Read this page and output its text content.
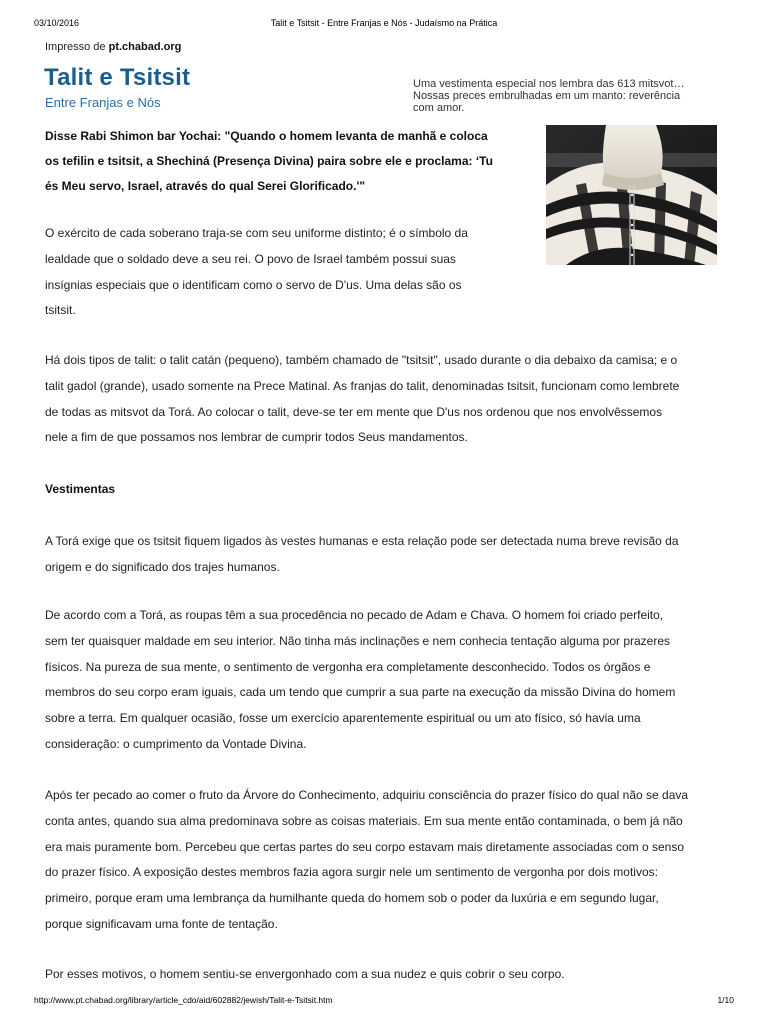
03/10/2016	Talit e Tsitsit - Entre Franjas e Nós - Judaísmo na Prática
Impresso de pt.chabad.org
Talit e Tsitsit
Entre Franjas e Nós
Uma vestimenta especial nos lembra das 613 mitsvot…
Nossas preces embrulhadas em um manto: reverência
com amor.
Disse Rabi Shimon bar Yochai: "Quando o homem levanta de manhã e coloca
os tefilin e tsitsit, a Shechiná (Presença Divina) paira sobre ele e proclama: ‘Tu
és Meu servo, Israel, através do qual Serei Glorificado.'"
O exército de cada soberano traja-se com seu uniforme distinto; é o símbolo da
lealdade que o soldado deve a seu rei. O povo de Israel também possui suas
insígnias especiais que o identificam como o servo de D'us. Uma delas são os
tsitsit.
Há dois tipos de talit: o talit catán (pequeno), também chamado de "tsitsit", usado durante o dia debaixo da camisa; e o
talit gadol (grande), usado somente na Prece Matinal. As franjas do talit, denominadas tsitsit, funcionam como lembrete
de todas as mitsvot da Torá. Ao colocar o talit, deve-se ter em mente que D'us nos ordenou que nos envolvêssemos
nele a fim de que possamos nos lembrar de cumprir todos Seus mandamentos.
Vestimentas
A Torá exige que os tsitsit fiquem ligados às vestes humanas e esta relação pode ser detectada numa breve revisão da
origem e do significado dos trajes humanos.
De acordo com a Torá, as roupas têm a sua procedência no pecado de Adam e Chava. O homem foi criado perfeito,
sem ter quaisquer maldade em seu interior. Não tinha más inclinações e nem conhecia tentação alguma por prazeres
físicos. Na pureza de sua mente, o sentimento de vergonha era completamente desconhecido. Todos os órgãos e
membros do seu corpo eram iguais, cada um tendo que cumprir a sua parte na execução da missão Divina do homem
sobre a terra. Em qualquer ocasião, fosse um exercício aparentemente espiritual ou um ato físico, só havia uma
consideração: o cumprimento da Vontade Divina.
Após ter pecado ao comer o fruto da Árvore do Conhecimento, adquiriu consciência do prazer físico do qual não se dava
conta antes, quando sua alma predominava sobre as coisas materiais. Em sua mente então contaminada, o bem já não
era mais puramente bom. Percebeu que certas partes do seu corpo estavam mais diretamente associadas com o senso
do prazer físico. A exposição destes membros fazia agora surgir nele um sentimento de vergonha por dois motivos:
primeiro, porque eram uma lembrança da humilhante queda do homem sob o poder da luxúria e em segundo lugar,
porque significavam uma fonte de tentação.
Por esses motivos, o homem sentiu-se envergonhado com a sua nudez e quis cobrir o seu corpo.
http://www.pt.chabad.org/library/article_cdo/aid/602882/jewish/Talit-e-Tsitsit.htm	1/10
